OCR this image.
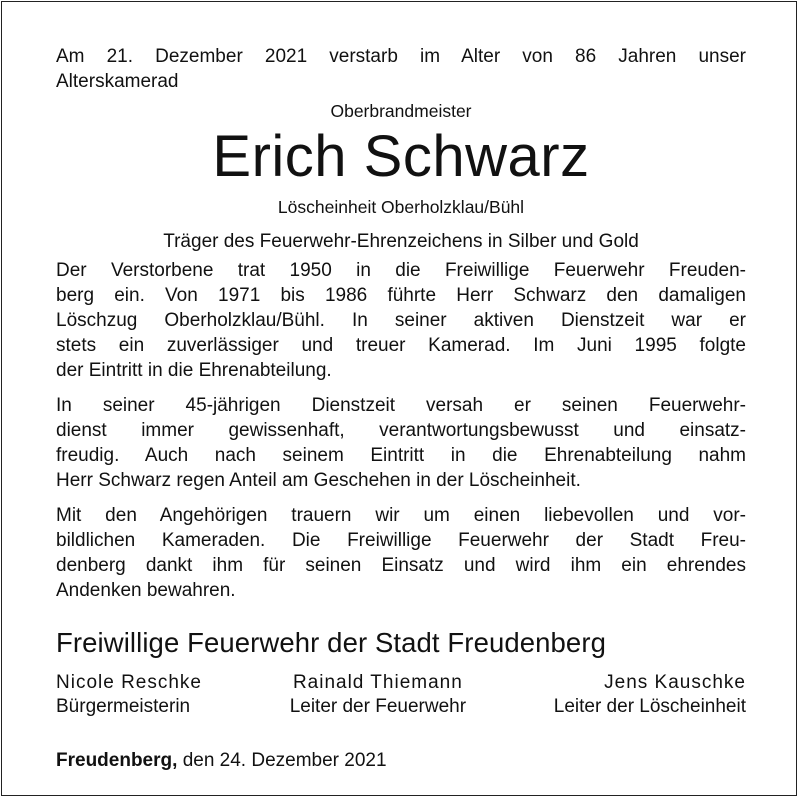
Am 21. Dezember 2021 verstarb im Alter von 86 Jahren unser
Alterskamerad

Oberbrandmeister
Erich Schwarz
Löscheinheit Oberholzklau/Bühl
Träger des Feuerwehr-Ehrenzeichens in Silber und Gold

Der Verstorbene trat 1950 in die Freiwillige Feuerwehr Freuden-
berg ein. Von 1971 bis 1986 führte Herr Schwarz den damaligen
Löschzug Oberholzklau/Bühl. In seiner aktiven Dienstzeit war er
stets ein zuverlässiger und treuer Kamerad. Im Juni 1995 folgte
der Eintritt in die Ehrenabteilung.

In seiner 45-jährigen Dienstzeit versah er seinen Feuerwehr-
dienst immer gewissenhaft, verantwortungsbewusst und einsatz-
freudig. Auch nach seinem Eintritt in die Ehrenabteilung nahm
Herr Schwarz regen Anteil am Geschehen in der Löscheinheit.

Mit den Angehörigen trauern wir um einen liebevollen und vor-
bildlichen Kameraden. Die Freiwillige Feuerwehr der Stadt Freu-
denberg dankt ihm für seinen Einsatz und wird ihm ein ehrendes
Andenken bewahren.

Freiwillige Feuerwehr der Stadt Freudenberg
Nicole Reschke
Bürgermeisterin
Rainald Thiemann
Leiter der Feuerwehr
Jens Kauschke
Leiter der Löscheinheit
Freudenberg, den 24. Dezember 2021
